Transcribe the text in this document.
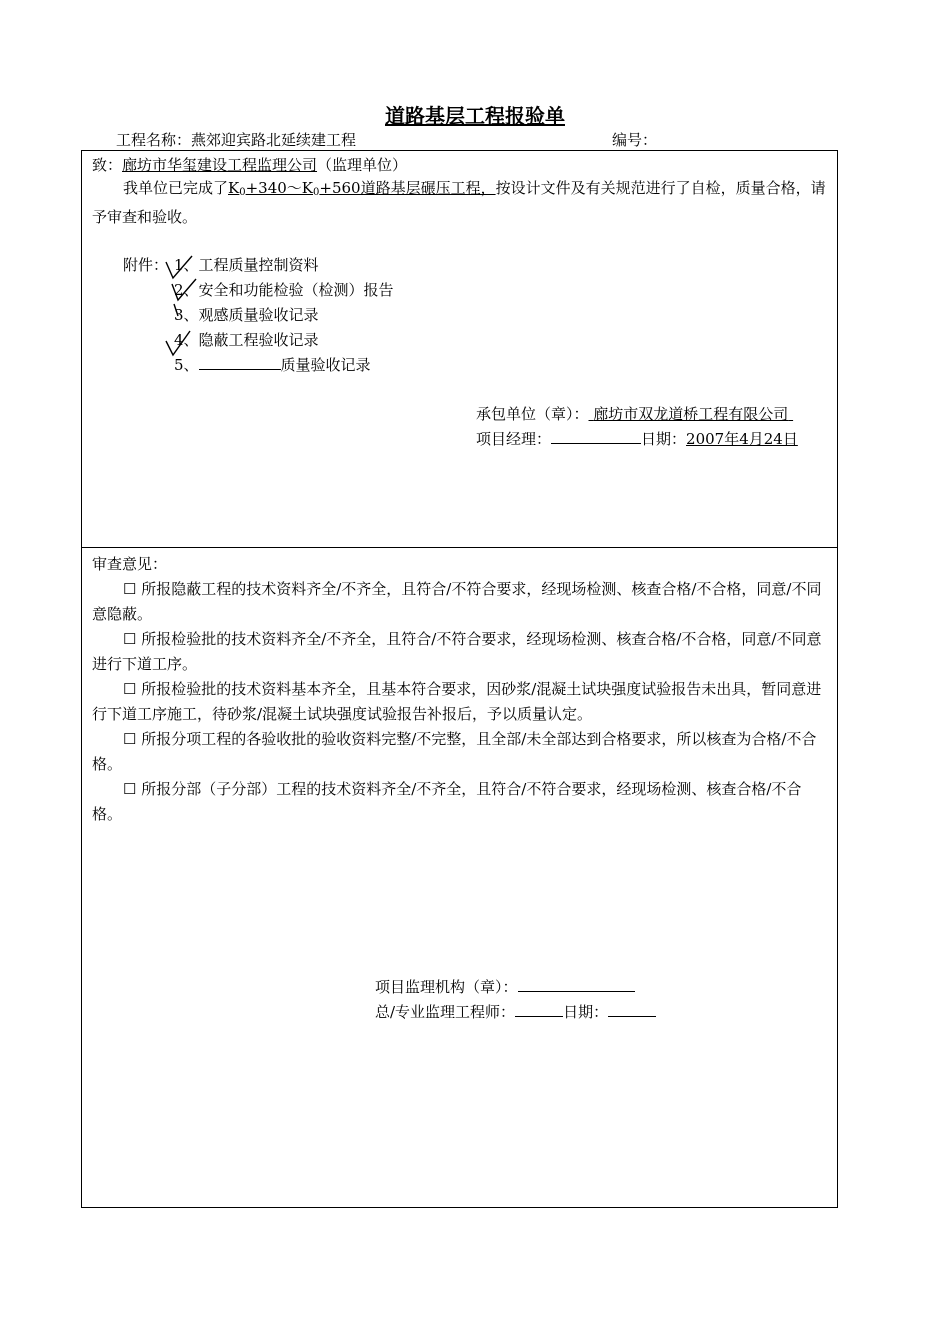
道路基层工程报验单
工程名称：燕郊迎宾路北延续建工程	编号：
致：廊坊市华玺建设工程监理公司（监理单位）
我单位已完成了$K_0+340\sim K_0+560$道路基层碾压工程，按设计文件及有关规范进行了自检，质量合格，请予审查和验收。
附件： 1、工程质量控制资料
2、安全和功能检验（检测）报告
3、观感质量验收记录
4、隐蔽工程验收记录
5、	质量验收记录
承包单位（章）： 廊坊市双龙道桥工程有限公司
项目经理：	日期：2007年4月24日
审查意见：
☐ 所报隐蔽工程的技术资料齐全/不齐全，且符合/不符合要求，经现场检测、核查合格/不合格，同意/不同意隐蔽。
☐ 所报检验批的技术资料齐全/不齐全，且符合/不符合要求，经现场检测、核查合格/不合格，同意/不同意进行下道工序。
☐ 所报检验批的技术资料基本齐全，且基本符合要求，因砂浆/混凝土试块强度试验报告未出具，暂同意进行下道工序施工，待砂浆/混凝土试块强度试验报告补报后，予以质量认定。
☐ 所报分项工程的各验收批的验收资料完整/不完整，且全部/未全部达到合格要求，所以核查为合格/不合格。
☐ 所报分部（子分部）工程的技术资料齐全/不齐全，且符合/不符合要求，经现场检测、核查合格/不合格。
项目监理机构（章）：
总/专业监理工程师：	日期：
